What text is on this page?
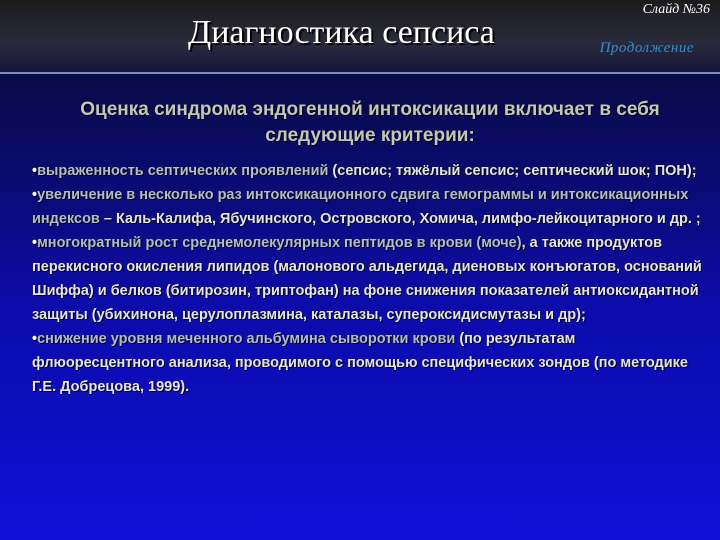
Диагностика сепсиса
Слайд №36
Продолжение
Оценка синдрома эндогенной интоксикации включает в себя следующие критерии:

•выраженность септических проявлений (сепсис; тяжёлый сепсис; септический шок; ПОН);

•увеличение в несколько раз интоксикационного сдвига гемограммы и интоксикационных индексов – Каль-Калифа, Ябучинского, Островского, Хомича, лимфо-лейкоцитарного и др. ;

•многократный рост среднемолекулярных пептидов в крови (моче), а также продуктов перекисного окисления липидов (малонового альдегида, диеновых конъюгатов, оснований Шиффа) и белков (битирозин, триптофан) на фоне снижения показателей антиоксидантной защиты (убихинона, церулоплазмина, каталазы, супероксидисмутазы и др);

•снижение уровня меченного альбумина сыворотки крови (по результатам флюоресцентного анализа, проводимого с помощью специфических зондов (по методике Г.Е. Добрецова, 1999).
